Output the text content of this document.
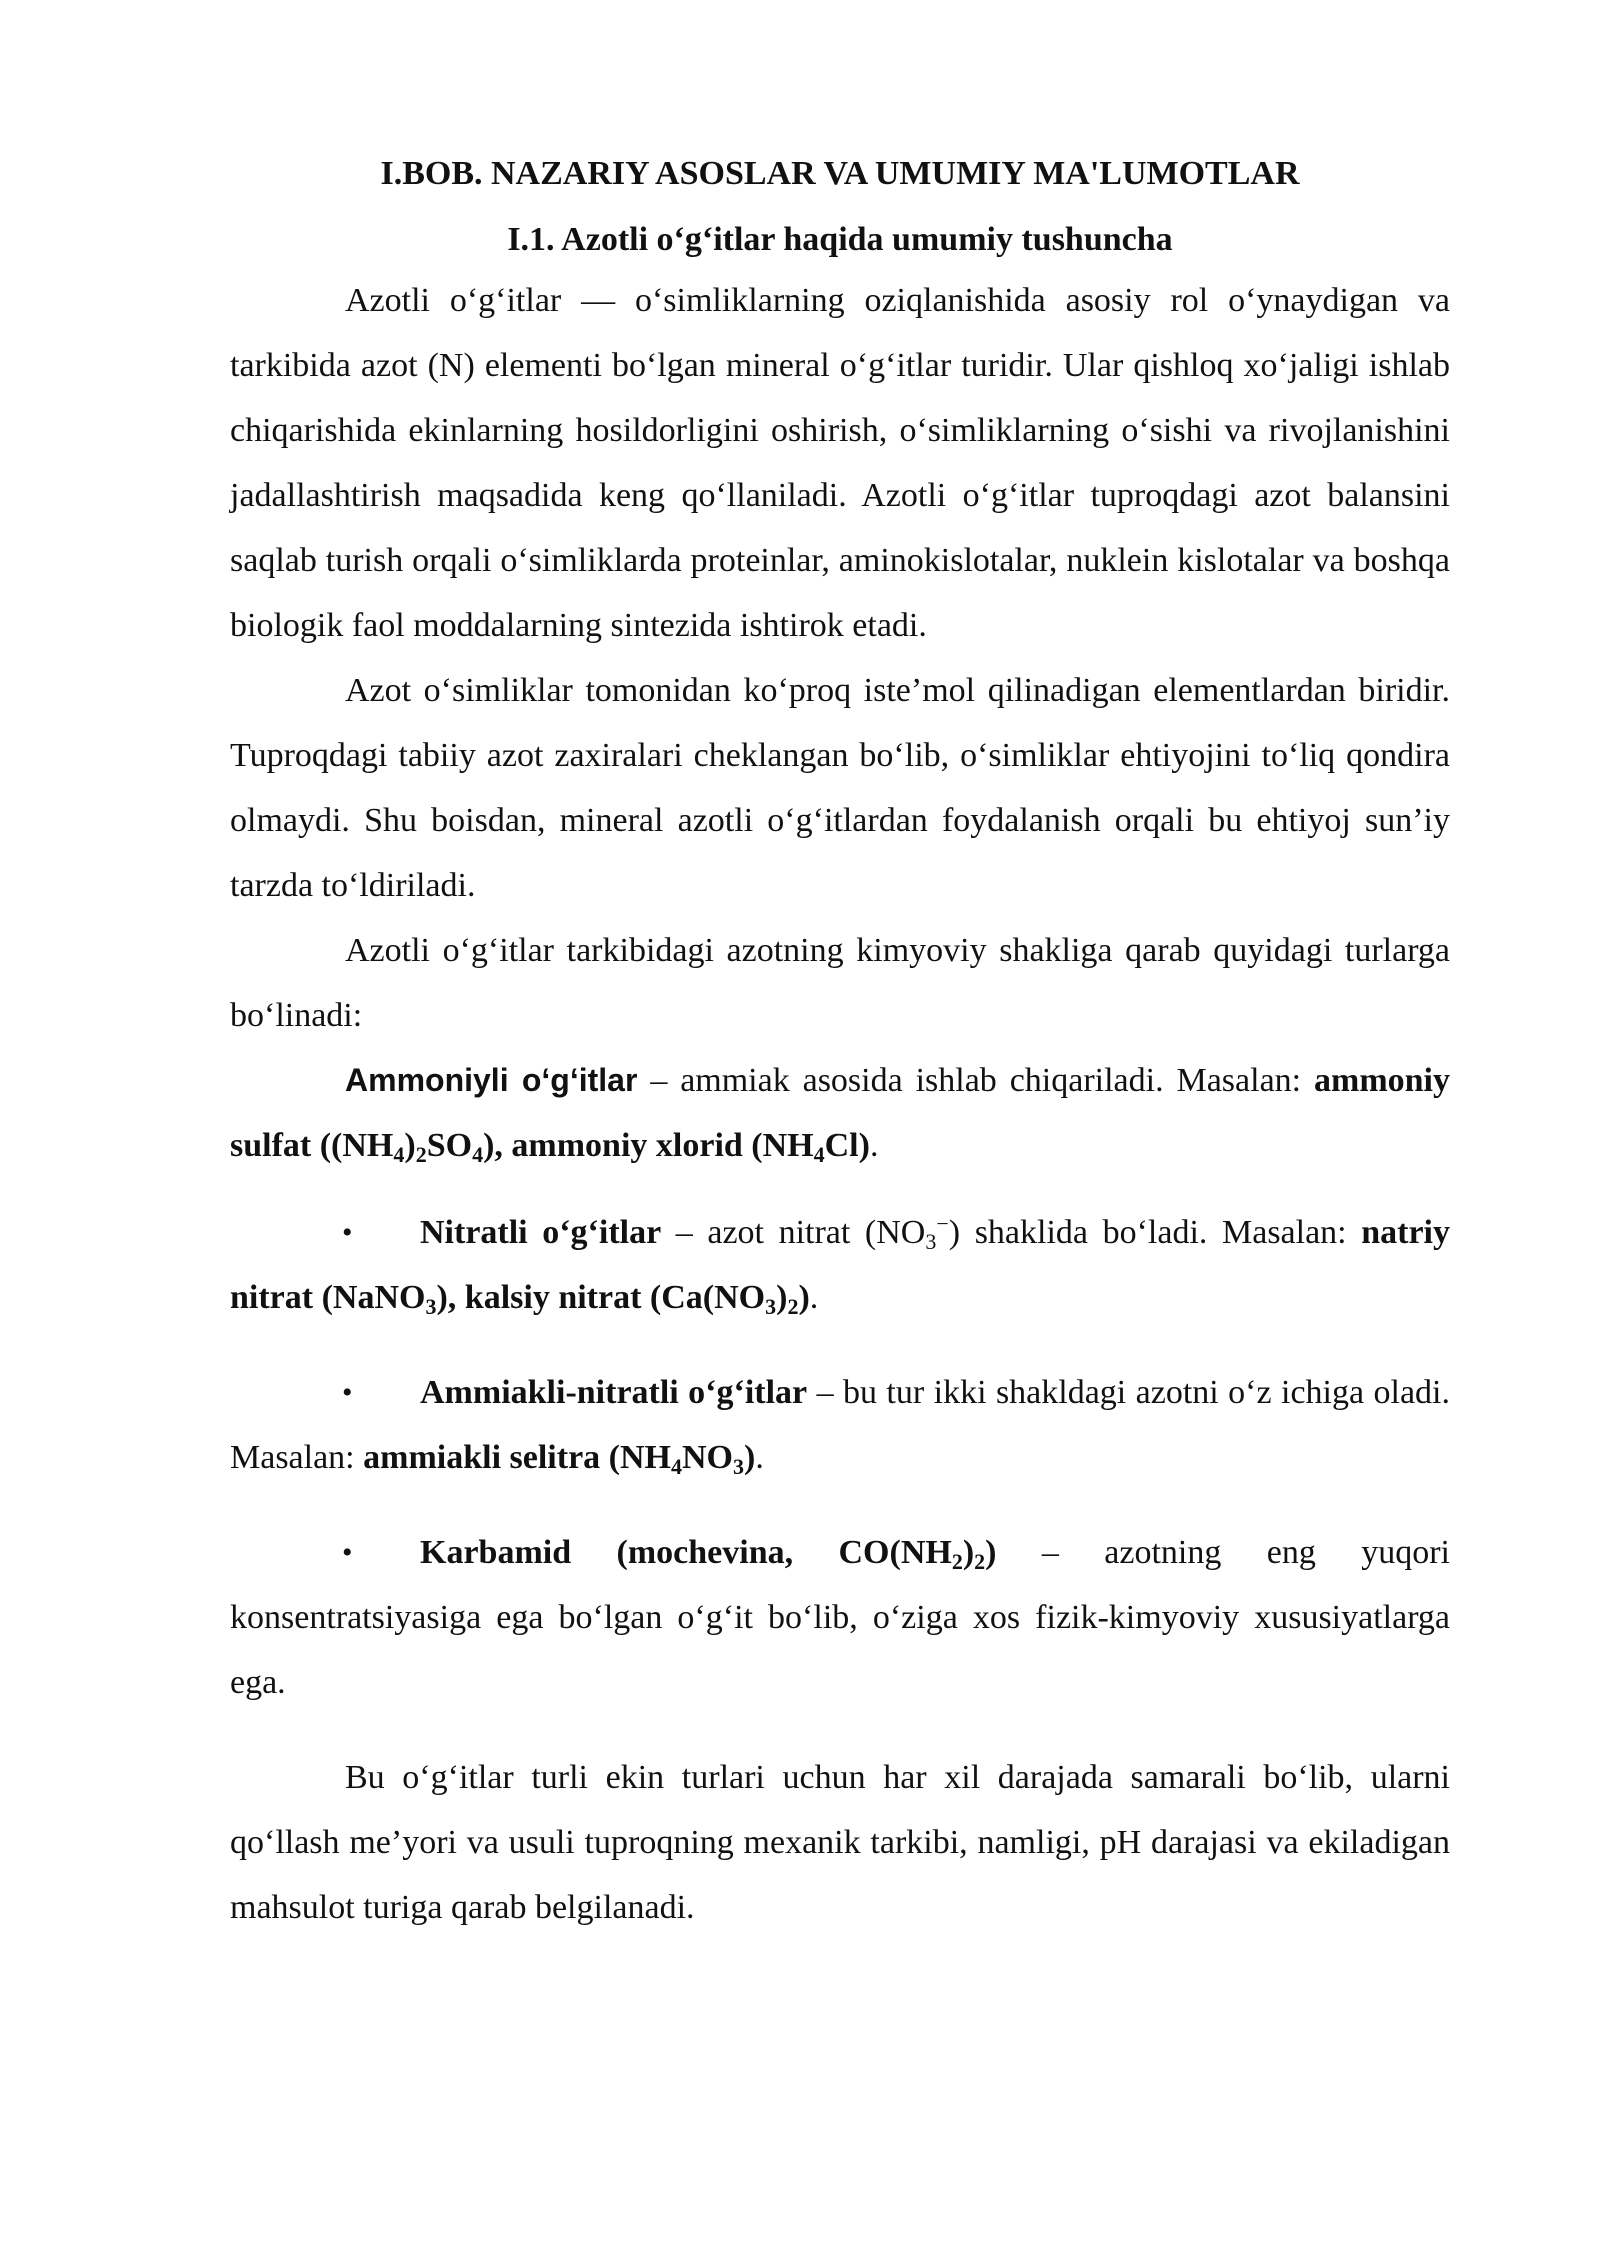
I.BOB. NAZARIY ASOSLAR VA UMUMIY MA'LUMOTLAR
I.1. Azotli o‘g‘itlar haqida umumiy tushuncha

Azotli o‘g‘itlar — o‘simliklarning oziqlanishida asosiy rol o‘ynaydigan va tarkibida azot (N) elementi bo‘lgan mineral o‘g‘itlar turidir. Ular qishloq xo‘jaligi ishlab chiqarishida ekinlarning hosildorligini oshirish, o‘simliklarning o‘sishi va rivojlanishini jadallashtirish maqsadida keng qo‘llaniladi. Azotli o‘g‘itlar tuproqdagi azot balansini saqlab turish orqali o‘simliklarda proteinlar, aminokislotalar, nuklein kislotalar va boshqa biologik faol moddalarning sintezida ishtirok etadi.

Azot o‘simliklar tomonidan ko‘proq iste’mol qilinadigan elementlardan biridir. Tuproqdagi tabiiy azot zaxiralari cheklangan bo‘lib, o‘simliklar ehtiyojini to‘liq qondira olmaydi. Shu boisdan, mineral azotli o‘g‘itlardan foydalanish orqali bu ehtiyoj sun’iy tarzda to‘ldiriladi.

Azotli o‘g‘itlar tarkibidagi azotning kimyoviy shakliga qarab quyidagi turlarga bo‘linadi:

Ammoniyli o‘g‘itlar – ammiak asosida ishlab chiqariladi. Masalan: ammoniy sulfat $((NH_4)_2SO_4)$, ammoniy xlorid $(NH_4Cl)$.

• Nitratli o‘g‘itlar – azot nitrat $(NO_3^-)$ shaklida bo‘ladi. Masalan: natriy nitrat (NaNO$_3$), kalsiy nitrat $(Ca(NO_3)_2)$.

• Ammiakli-nitratli o‘g‘itlar – bu tur ikki shakldagi azotni o‘z ichiga oladi. Masalan: ammiakli selitra $(NH_4NO_3)$.

• Karbamid (mochevina, $CO(NH_2)_2$) – azotning eng yuqori konsentratsiyasiga ega bo‘lgan o‘g‘it bo‘lib, o‘ziga xos fizik-kimyoviy xususiyatlarga ega.

Bu o‘g‘itlar turli ekin turlari uchun har xil darajada samarali bo‘lib, ularni qo‘llash me’yori va usuli tuproqning mexanik tarkibi, namligi, pH darajasi va ekiladigan mahsulot turiga qarab belgilanadi.
